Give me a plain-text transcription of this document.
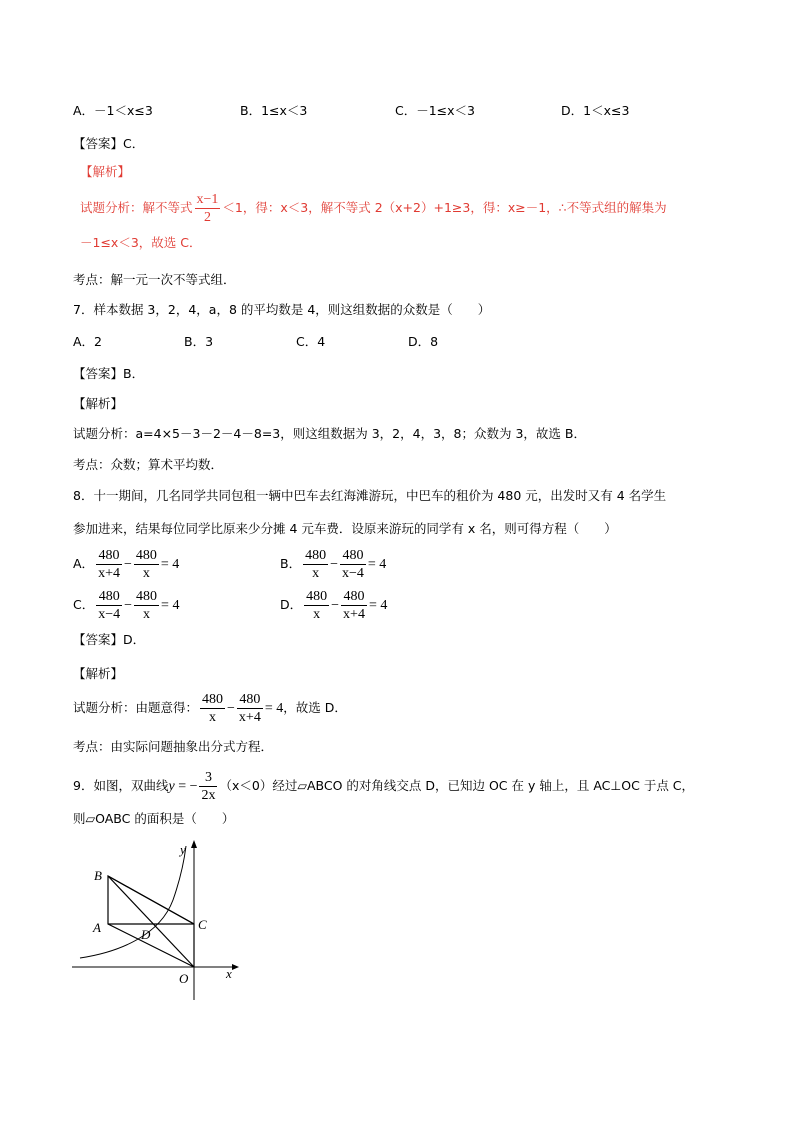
A．－1＜x≤3	B．1≤x＜3	C．－1≤x＜3	D．1＜x≤3
【答案】C．
【解析】
试题分析：解不等式 $\frac{x-1}{2} <1$，得：x＜3，解不等式 2（x+2）+1≥3，得：x≥－1，∴不等式组的解集为
－1≤x＜3，故选 C．
考点：解一元一次不等式组．
7．样本数据 3，2，4，a，8 的平均数是 4，则这组数据的众数是（　　）
A．2	B．3	C．4	D．8
【答案】B．
【解析】
试题分析：a=4×5－3－2－4－8=3，则这组数据为 3，2，4，3，8；众数为 3，故选 B．
考点：众数；算术平均数．
8．十一期间，几名同学共同包租一辆中巴车去红海滩游玩，中巴车的租价为 480 元，出发时又有 4 名学生
参加进来，结果每位同学比原来少分摊 4 元车费．设原来游玩的同学有 x 名，则可得方程（　　）
A． $\frac{480}{x+4} - \frac{480}{x} = 4$	B． $\frac{480}{x} - \frac{480}{x-4} = 4$
C． $\frac{480}{x-4} - \frac{480}{x} = 4$	D． $\frac{480}{x} - \frac{480}{x+4} = 4$
【答案】D．
【解析】
试题分析：由题意得： $\frac{480}{x} - \frac{480}{x+4} = 4$，故选 D．
考点：由实际问题抽象出分式方程．
9．如图，双曲线y = − $\frac{3}{2x} (x<0)$经过▱ABCO 的对角线交点 D，已知边 OC 在 y 轴上，且 AC⊥OC 于点 C，
则▱OABC 的面积是（　　）
B
A	D
C
O	x
y
